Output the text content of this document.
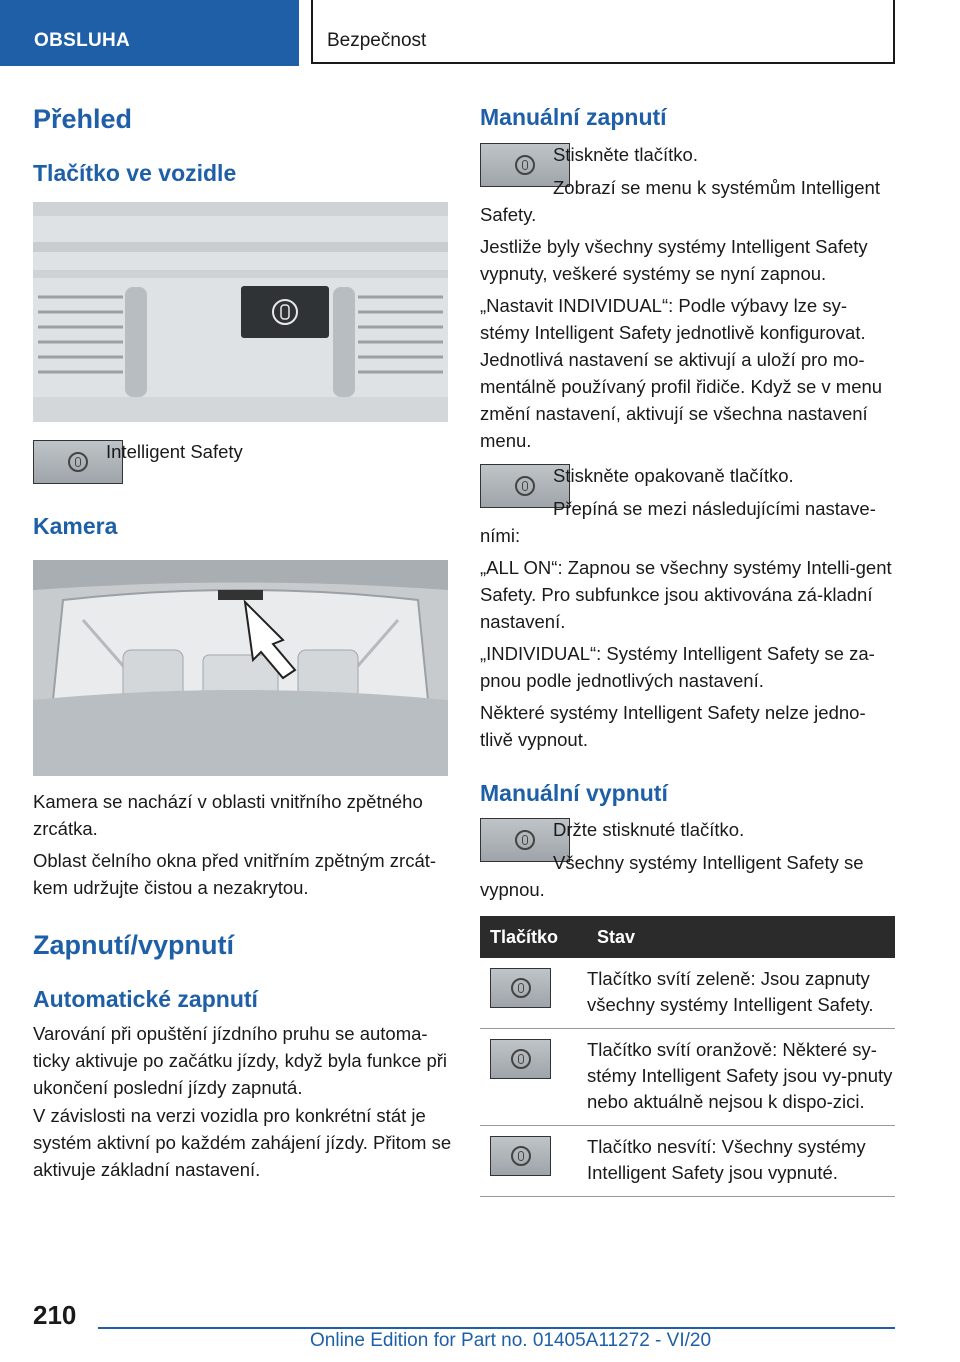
OBSLUHA	Bezpečnost
Přehled
Tlačítko ve vozidle
Intelligent Safety
Kamera
Kamera se nachází v oblasti vnitřního zpětného zrcátka.
Oblast čelního okna před vnitřním zpětným zrcát-kem udržujte čistou a nezakrytou.
Zapnutí/vypnutí
Automatické zapnutí
Varování při opuštění jízdního pruhu se automa-ticky aktivuje po začátku jízdy, když byla funkce při ukončení poslední jízdy zapnutá.
V závislosti na verzi vozidla pro konkrétní stát je systém aktivní po každém zahájení jízdy. Přitom se aktivuje základní nastavení.
Manuální zapnutí
Stiskněte tlačítko.
Zobrazí se menu k systémům Intelligent
Safety.
Jestliže byly všechny systémy Intelligent Safety vypnuty, veškeré systémy se nyní zapnou.
„Nastavit INDIVIDUAL“: Podle výbavy lze sy-stémy Intelligent Safety jednotlivě konfigurovat. Jednotlivá nastavení se aktivují a uloží pro mo-mentálně používaný profil řidiče. Když se v menu změní nastavení, aktivují se všechna nastavení menu.
Stiskněte opakovaně tlačítko.
Přepíná se mezi následujícími nastave-
ními:
„ALL ON“: Zapnou se všechny systémy Intelli-gent Safety. Pro subfunkce jsou aktivována zá-kladní nastavení.
„INDIVIDUAL“: Systémy Intelligent Safety se za-pnou podle jednotlivých nastavení.
Některé systémy Intelligent Safety nelze jedno-tlivě vypnout.
Manuální vypnutí
Držte stisknuté tlačítko.
Všechny systémy Intelligent Safety se
vypnou.
Tlačítko	Stav

	Tlačítko svítí zeleně: Jsou zapnuty všechny systémy Intelligent Safety.

	Tlačítko svítí oranžově: Některé sy-stémy Intelligent Safety jsou vy-pnuty nebo aktuálně nejsou k dispo-zici.

	Tlačítko nesvítí: Všechny systémy Intelligent Safety jsou vypnuté.
210
Online Edition for Part no. 01405A11272 - VI/20
